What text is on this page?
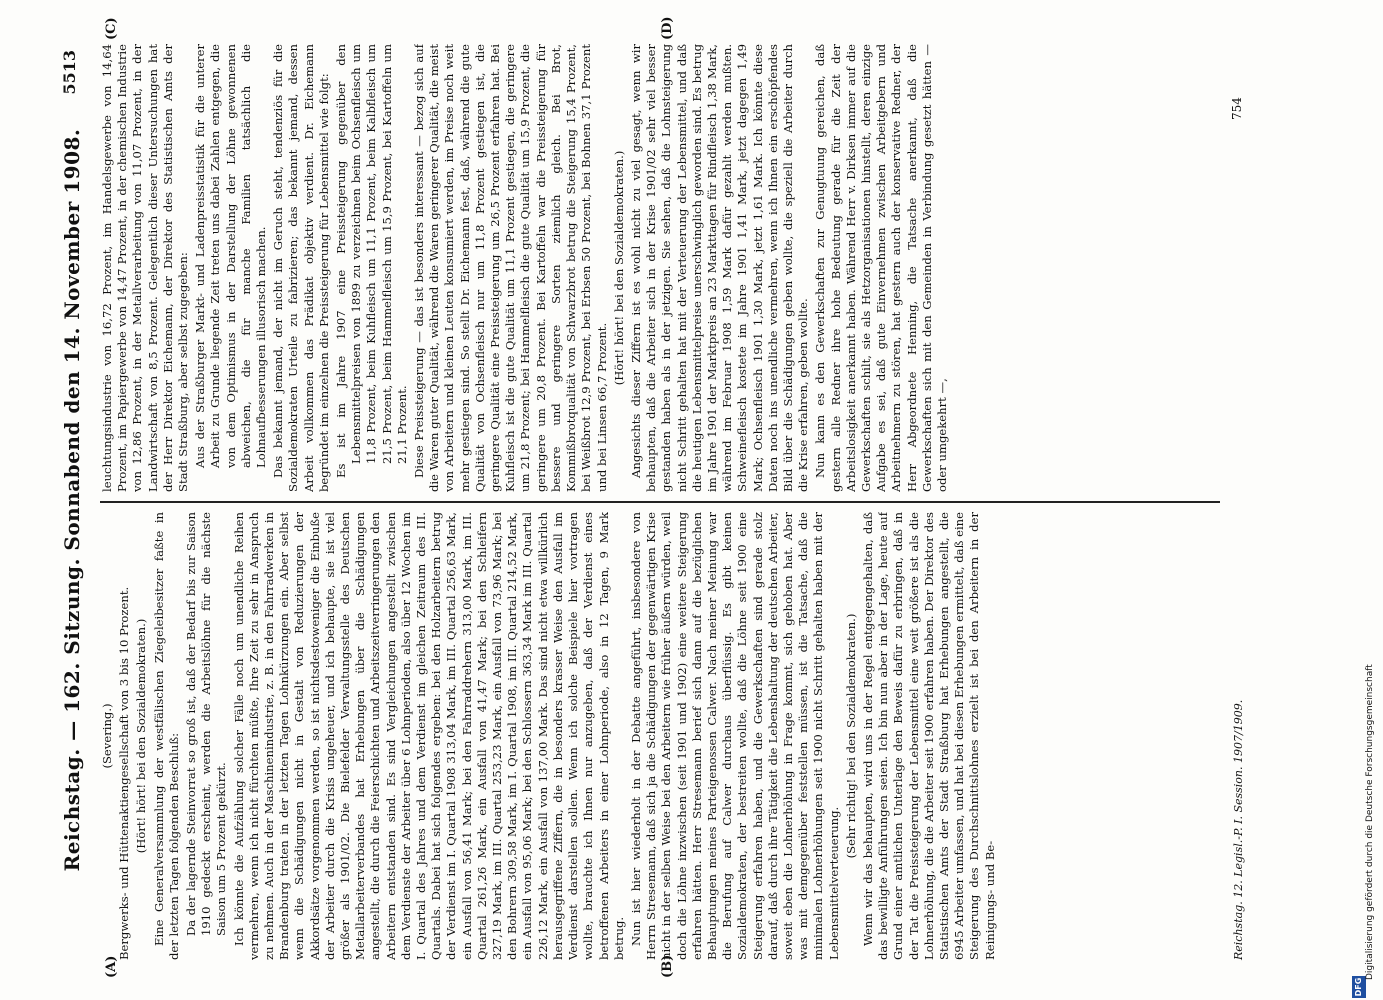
Reichstag. — 162. Sitzung. Sonnabend den 14. November 1908.
5513
(A)	(B)
(C)	(D)

(Severing.) Bergwerks- und Hüttenaktiengesellschaft von 3 bis 10 Prozent. (Hört! hört! bei den Sozialdemokraten.) Eine Generalversammlung der westfälischen Ziegeleibesitzer faßte in der letzten Tagen folgenden Beschluß: Da der lagernde Steinvorrat so groß ist, daß der Bedarf bis zur Saison 1910 gedeckt erscheint, werden die Arbeitslöhne für die nächste Saison um 5 Prozent gekürzt. Ich könnte die Aufzählung solcher Fälle noch um unendliche Reihen vermehren, wenn ich nicht fürchten müßte, Ihre Zeit zu sehr in Anspruch zu nehmen. Auch in der Maschinenindustrie, z. B. in den Fahrradwerken in Brandenburg traten in der letzten Tagen Lohnkürzungen ein. Aber selbst wenn die Schädigungen nicht in Gestalt von Reduzierungen der Akkordsätze vorgenommen werden, so ist nichtsdestoweniger die Einbuße der Arbeiter durch die Krisis ungeheuer, und ich behaupte, sie ist viel größer als 1901/02. Die Bielefelder Verwaltungsstelle des Deutschen Metallarbeiterverbandes hat Erhebungen über die Schädigungen angestellt, die durch die Feierschichten und Arbeitszeitverringerungen den Arbeitern entstanden sind. Es sind Vergleichungen angestellt zwischen dem Verdienste der Arbeiter über 6 Lohnperioden, also über 12 Wochen im I. Quartal des Jahres und dem Verdienst im gleichen Zeitraum des III. Quartals. Dabei hat sich folgendes ergeben: bei den Holzarbeitern betrug der Verdienst im I. Quartal 1908 313,04 Mark, im III. Quartal 256,63 Mark, ein Ausfall von 56,41 Mark; bei den Fahrraddrehern 313,00 Mark, im III. Quartal 261,26 Mark, ein Ausfall von 41,47 Mark; bei den Schleifern 327,19 Mark, im III. Quartal 253,23 Mark, ein Ausfall von 73,96 Mark; bei den Bohrern 309,58 Mark, im I. Quartal 1908, im III. Quartal 214,52 Mark, ein Ausfall von 95,06 Mark; bei den Schlossern 363,34 Mark im III. Quartal 226,12 Mark, ein Ausfall von 137,00 Mark. Das sind nicht etwa willkürlich herausgegriffene Ziffern, die in besonders krasser Weise den Ausfall im Verdienst darstellen sollen. Wenn ich solche Beispiele hier vortragen wollte, brauchte ich Ihnen nur anzugeben, daß der Verdienst eines betroffenen Arbeiters in einer Lohnperiode, also in 12 Tagen, 9 Mark betrug. Nun ist hier wiederholt in der Debatte angeführt, insbesondere von Herrn Stresemann, daß sich ja die Schädigungen der gegenwärtigen Krise nicht in der selben Weise bei den Arbeitern wie früher äußern würden, weil doch die Löhne inzwischen (seit 1901 und 1902) eine weitere Steigerung erfahren hätten. Herr Stresemann berief sich dann auf die bezüglichen Behauptungen meines Parteigenossen Calwer. Nach meiner Meinung war die Berufung auf Calwer durchaus überflüssig. Es gibt keinen Sozialdemokraten, der bestreiten wollte, daß die Löhne seit 1900 eine Steigerung erfahren haben, und die Gewerkschaften sind gerade stolz darauf, daß durch ihre Tätigkeit die Lebenshaltung der deutschen Arbeiter, soweit eben die Lohnerhöhung in Frage kommt, sich gehoben hat. Aber was mit demgegenüber feststellen müssen, ist die Tatsache, daß die minimalen Lohnerhöhungen seit 1900 nicht Schritt gehalten haben mit der Lebensmittelverteuerung.

(Sehr richtig! bei den Sozialdemokraten.) Wenn wir das behaupten, wird uns in der Regel entgegengehalten, daß das bewilligte Anführungen seien. Ich bin nun aber in der Lage, heute auf Grund einer amtlichen Unterlage den Beweis dafür zu erbringen, daß in der Tat die Preissteigerung der Lebensmittel eine weit größere ist als die Lohnerhöhung, die die Arbeiter seit 1900 erfahren haben. Der Direktor des Statistischen Amts der Stadt Straßburg hat Erhebungen angestellt, die 6945 Arbeiter umfassen, und hat bei diesen Erhebungen ermittelt, daß eine Steigerung des Durchschnittslohnes erzielt ist bei den Arbeitern in der Reinigungs- und Be-

leuchtungsindustrie von 16,72 Prozent, im Handelsgewerbe von 14,64 Prozent, im Papiergewerbe von 14,47 Prozent, in der chemischen Industrie von 12,86 Prozent, in der Metallverarbeitung von 11,07 Prozent, in der Landwirtschaft von 8,5 Prozent. Gelegentlich dieser Untersuchungen hat der Herr Direktor Eichemann, der Direktor des Statistischen Amts der Stadt Straßburg, aber selbst zugegeben: Aus der Straßburger Markt- und Ladenpreisstatistik für die unterer Arbeit zu Grunde liegende Zeit treten uns dabei Zahlen entgegen, die von dem Optimismus in der Darstellung der Löhne gewonnenen abweichen, die für manche Familien tatsächlich die Lohnaufbesserungen illusorisch machen. Das bekannt jemand, der nicht im Geruch steht, tendenziös für die Sozialdemokraten Urteile zu fabrizieren; das bekannt jemand, dessen Arbeit vollkommen das Prädikat objektiv verdient. Dr. Eichemann begründet im einzelnen die Preissteigerung für Lebensmittel wie folgt: Es ist im Jahre 1907 eine Preissteigerung gegenüber den Lebensmittelpreisen von 1899 zu verzeichnen beim Ochsenfleisch um 11,8 Prozent, beim Kuhfleisch um 11,1 Prozent, beim Kalbfleisch um 21,5 Prozent, beim Hammelfleisch um 15,9 Prozent, bei Kartoffeln um 21,1 Prozent. Diese Preissteigerung — das ist besonders interessant — bezog sich auf die Waren guter Qualität, während die Waren geringerer Qualität, die meist von Arbeitern und kleinen Leuten konsumiert werden, im Preise noch weit mehr gestiegen sind. So stellt Dr. Eichemann fest, daß, während die gute Qualität von Ochsenfleisch nur um 11,8 Prozent gestiegen ist, die geringere Qualität eine Preissteigerung um 26,5 Prozent erfahren hat. Bei Kuhfleisch ist die gute Qualität um 11,1 Prozent gestiegen, die geringere um 21,8 Prozent; bei Hammelfleisch die gute Qualität um 15,9 Prozent, die geringere um 20,8 Prozent. Bei Kartoffeln war die Preissteigerung für bessere und geringere Sorten ziemlich gleich. Bei Brot, Kommißbrotqualität von Schwarzbrot betrug die Steigerung 15,4 Prozent, bei Weißbrot 12,9 Prozent, bei Erbsen 50 Prozent, bei Bohnen 37,1 Prozent und bei Linsen 66,7 Prozent.

(Hört! hört! bei den Sozialdemokraten.) Angesichts dieser Ziffern ist es wohl nicht zu viel gesagt, wenn wir behaupten, daß die Arbeiter sich in der Krise 1901/02 sehr viel besser gestanden haben als in der jetzigen. Sie sehen, daß die Lohnsteigerung nicht Schritt gehalten hat mit der Verteuerung der Lebensmittel, und daß die heutigen Lebensmittelpreise unerschwinglich geworden sind. Es betrug im Jahre 1901 der Marktpreis an 23 Markttagen für Rindfleisch 1,38 Mark, während im Februar 1908 1,59 Mark dafür gezahlt werden mußten. Schweinefleisch kostete im Jahre 1901 1,41 Mark, jetzt dagegen 1,49 Mark; Ochsenfleisch 1901 1,30 Mark, jetzt 1,61 Mark. Ich könnte diese Daten noch ins unendliche vermehren, wenn ich Ihnen ein erschöpfendes Bild über die Schädigungen geben wollte, die speziell die Arbeiter durch die Krise erfahren, geben wollte. Nun kann es den Gewerkschaften zur Genugtuung gereichen, daß gestern alle Redner ihre hohe Bedeutung gerade für die Zeit der Arbeitslosigkeit anerkannt haben. Während Herr v. Dirksen immer auf die Gewerkschaften schilt, sie als Hetzorganisationen hinstellt, deren einzige Aufgabe es sei, daß gute Einvernehmen zwischen Arbeitgebern und Arbeitnehmern zu stören, hat gestern auch der konservative Redner, der Herr Abgeordnete Henning, die Tatsache anerkannt, daß die Gewerkschaften sich mit den Gemeinden in Verbindung gesetzt hätten — oder umgekehrt —,

Reichstag. 12. Legisl.-P. I. Session. 1907/1909.
754
DFG
Digitalisierung gefördert durch die Deutsche Forschungsgemeinschaft
